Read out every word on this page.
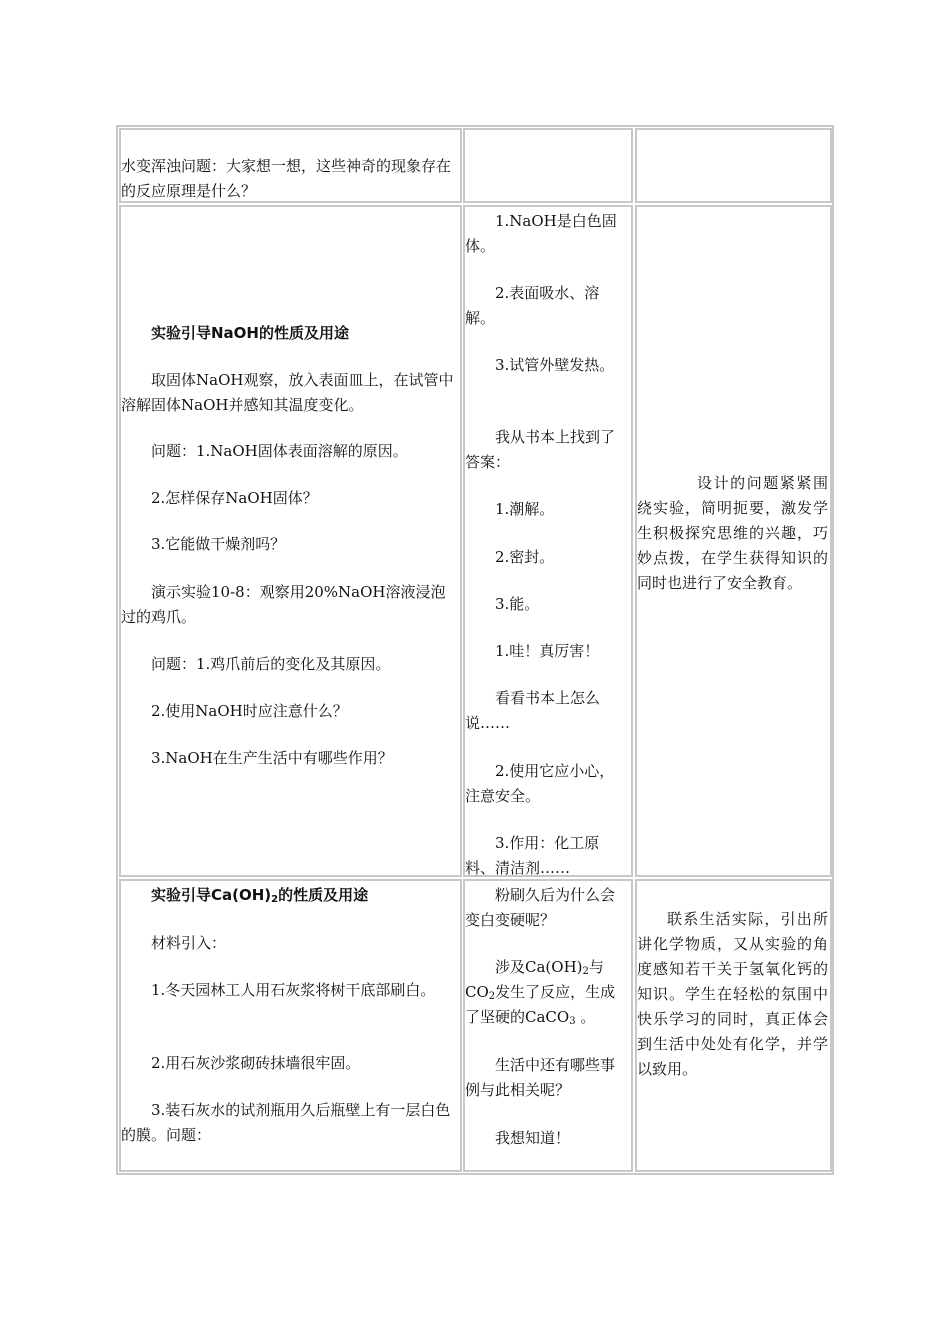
水变浑浊问题：大家想一想，这些神奇的现象存在的反应原理是什么？

实验引导NaOH的性质及用途

取固体NaOH观察，放入表面皿上，在试管中溶解固体NaOH并感知其温度变化。

问题：1.NaOH固体表面溶解的原因。

2.怎样保存NaOH固体？

3.它能做干燥剂吗？

演示实验10-8：观察用20%NaOH溶液浸泡过的鸡爪。

问题：1.鸡爪前后的变化及其原因。

2.使用NaOH时应注意什么？

3.NaOH在生产生活中有哪些作用？

1.NaOH是白色固体。

2.表面吸水、溶解。

3.试管外壁发热。

我从书本上找到了答案：

1.潮解。

2.密封。

3.能。

1.哇！真厉害！

看看书本上怎么说……

2.使用它应小心，注意安全。

3.作用：化工原料、清洁剂……

设计的问题紧紧围绕实验，简明扼要，激发学生积极探究思维的兴趣，巧妙点拨，在学生获得知识的同时也进行了安全教育。

实验引导$Ca(OH)_2$的性质及用途

材料引入：

1.冬天园林工人用石灰浆将树干底部刷白。

2.用石灰沙浆砌砖抹墙很牢固。

3.装石灰水的试剂瓶用久后瓶壁上有一层白色的膜。问题：

粉刷久后为什么会变白变硬呢？

涉及$Ca(OH)_2$与$CO_2$发生了反应，生成了坚硬的CaCO$_3$ 。

生活中还有哪些事例与此相关呢？

我想知道！

联系生活实际，引出所讲化学物质，又从实验的角度感知若干关于氢氧化钙的知识。学生在轻松的氛围中快乐学习的同时，真正体会到生活中处处有化学，并学以致用。
